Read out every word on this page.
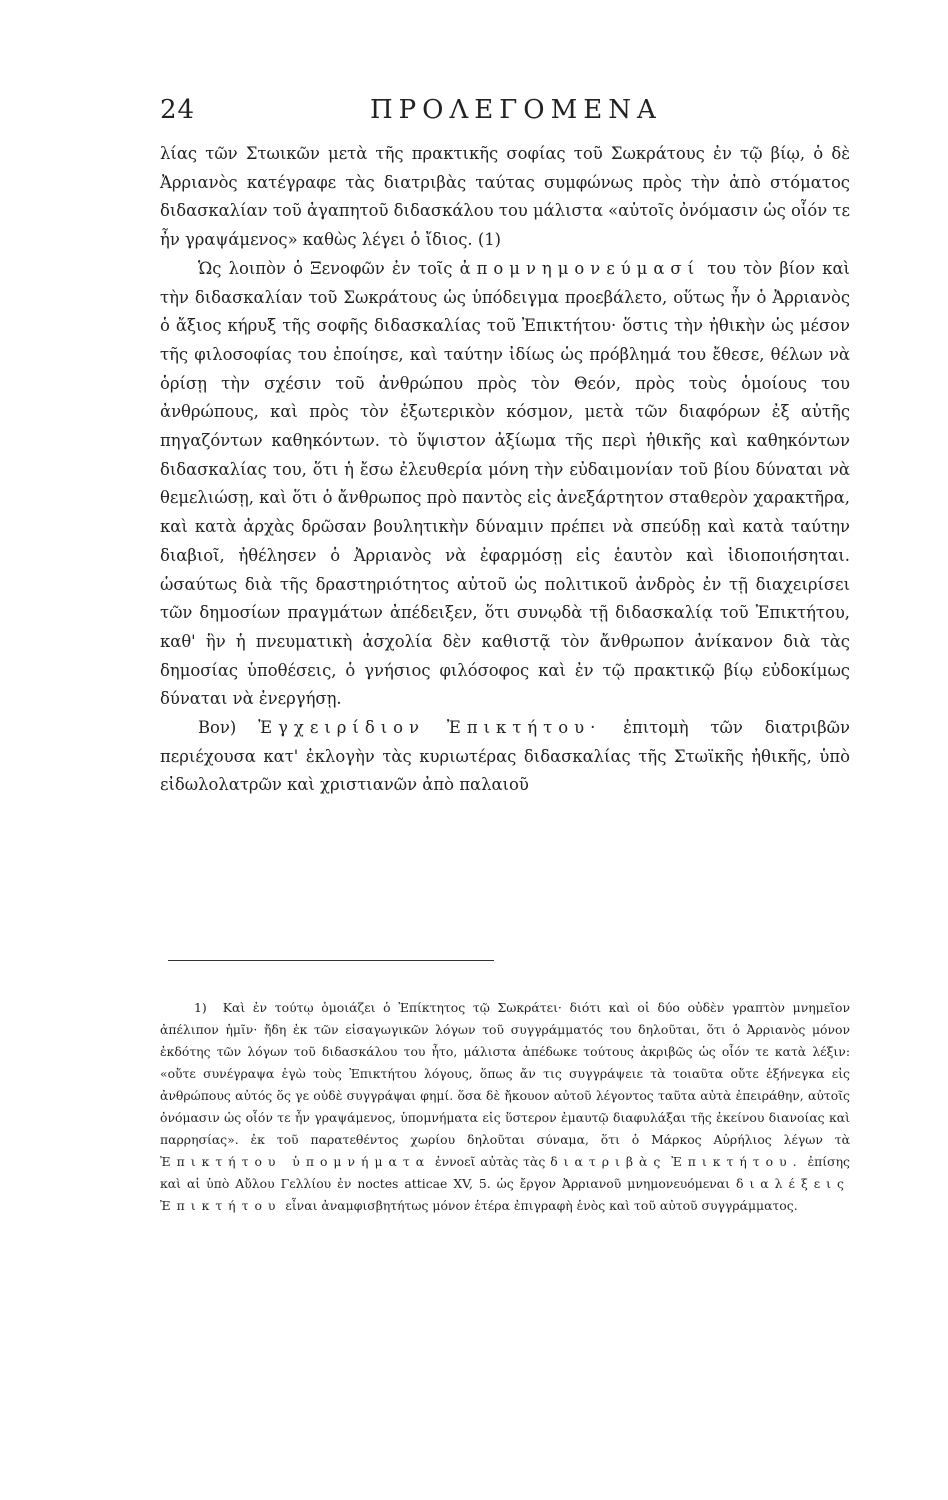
24	ΠΡΟΛΕΓΟΜΕΝΑ

λίας τῶν Στωικῶν μετὰ τῆς πρακτικῆς σοφίας τοῦ Σωκράτους ἐν τῷ βίῳ, ὁ δὲ Ἀρριανὸς κατέγραφε τὰς διατριβὰς ταύτας συμφώνως πρὸς τὴν ἀπὸ στόματος διδασκαλίαν τοῦ ἀγαπητοῦ διδασκάλου του μάλιστα «αὐτοῖς ὀνόμασιν ὡς οἷόν τε ἦν γραψάμενος» καθὼς λέγει ὁ ἴδιος. (1)

Ὡς λοιπὸν ὁ Ξενοφῶν ἐν τοῖς ἀπομνημονεύμασί του τὸν βίον καὶ τὴν διδασκαλίαν τοῦ Σωκράτους ὡς ὑπόδειγμα προεβάλετο, οὕτως ἦν ὁ Ἀρριανὸς ὁ ἄξιος κήρυξ τῆς σοφῆς διδασκαλίας τοῦ Ἐπικτήτου· ὅστις τὴν ἠθικὴν ὡς μέσον τῆς φιλοσοφίας του ἐποίησε, καὶ ταύτην ἰδίως ὡς πρόβλημά του ἔθεσε, θέλων νὰ ὁρίσῃ τὴν σχέσιν τοῦ ἀνθρώπου πρὸς τὸν Θεόν, πρὸς τοὺς ὁμοίους του ἀνθρώπους, καὶ πρὸς τὸν ἐξωτερικὸν κόσμον, μετὰ τῶν διαφόρων ἐξ αὐτῆς πηγαζόντων καθηκόντων. τὸ ὕψιστον ἀξίωμα τῆς περὶ ἠθικῆς καὶ καθηκόντων διδασκαλίας του, ὅτι ἡ ἔσω ἐλευθερία μόνη τὴν εὐδαιμονίαν τοῦ βίου δύναται νὰ θεμελιώσῃ, καὶ ὅτι ὁ ἄνθρωπος πρὸ παντὸς εἰς ἀνεξάρτητον σταθερὸν χαρακτῆρα, καὶ κατὰ ἀρχὰς δρῶσαν βουλητικὴν δύναμιν πρέπει νὰ σπεύδῃ καὶ κατὰ ταύτην διαβιοῖ, ἠθέλησεν ὁ Ἀρριανὸς νὰ ἐφαρμόσῃ εἰς ἑαυτὸν καὶ ἰδιοποιήσηται. ὡσαύτως διὰ τῆς δραστηριότητος αὐτοῦ ὡς πολιτικοῦ ἀνδρὸς ἐν τῇ διαχειρίσει τῶν δημοσίων πραγμάτων ἀπέδειξεν, ὅτι συνῳδὰ τῇ διδασκαλίᾳ τοῦ Ἐπικτήτου, καθ' ἣν ἡ πνευματικὴ ἀσχολία δὲν καθιστᾷ τὸν ἄνθρωπον ἀνίκανον διὰ τὰς δημοσίας ὑποθέσεις, ὁ γνήσιος φιλόσοφος καὶ ἐν τῷ πρακτικῷ βίῳ εὐδοκίμως δύναται νὰ ἐνεργήσῃ.

Βον) Ἐγχειρίδιον Ἐπικτήτου· ἐπιτομὴ τῶν διατριβῶν περιέχουσα κατ' ἐκλογὴν τὰς κυριωτέρας διδασκαλίας τῆς Στωϊκῆς ἠθικῆς, ὑπὸ εἰδωλολατρῶν καὶ χριστιανῶν ἀπὸ παλαιοῦ

1) Καὶ ἐν τούτῳ ὁμοιάζει ὁ Ἐπίκτητος τῷ Σωκράτει· διότι καὶ οἱ δύο οὐδὲν γραπτὸν μνημεῖον ἀπέλιπον ἡμῖν· ἤδη ἐκ τῶν εἰσαγωγικῶν λόγων τοῦ συγγράμματός του δηλοῦται, ὅτι ὁ Ἀρριανὸς μόνον ἐκδότης τῶν λόγων τοῦ διδασκάλου του ἦτο, μάλιστα ἀπέδωκε τούτους ἀκριβῶς ὡς οἷόν τε κατὰ λέξιν: «οὔτε συνέγραψα ἐγὼ τοὺς Ἐπικτήτου λόγους, ὅπως ἄν τις συγγράψειε τὰ τοιαῦτα οὔτε ἐξήνεγκα εἰς ἀνθρώπους αὐτός ὅς γε οὐδὲ συγγράψαι φημί. ὅσα δὲ ἤκουον αὐτοῦ λέγοντος ταῦτα αὐτὰ ἐπειράθην, αὐτοῖς ὀνόμασιν ὡς οἷόν τε ἦν γραψάμενος, ὑπομνήματα εἰς ὕστερον ἐμαυτῷ διαφυλάξαι τῆς ἐκείνου διανοίας καὶ παρρησίας». ἐκ τοῦ παρατεθέντος χωρίου δηλοῦται σύναμα, ὅτι ὁ Μάρκος Αὐρήλιος λέγων τὰ Ἐπικτήτου ὑπομνήματα ἐννοεῖ αὐτὰς τὰς διατριβὰς Ἐπικτήτου. ἐπίσης καὶ αἱ ὑπὸ Αὔλου Γελλίου ἐν noctes atticae XV, 5. ὡς ἔργον Ἀρριανοῦ μνημονευόμεναι διαλέξεις Ἐπικτήτου εἶναι ἀναμφισβητήτως μόνον ἑτέρα ἐπιγραφὴ ἑνὸς καὶ τοῦ αὐτοῦ συγγράμματος.
